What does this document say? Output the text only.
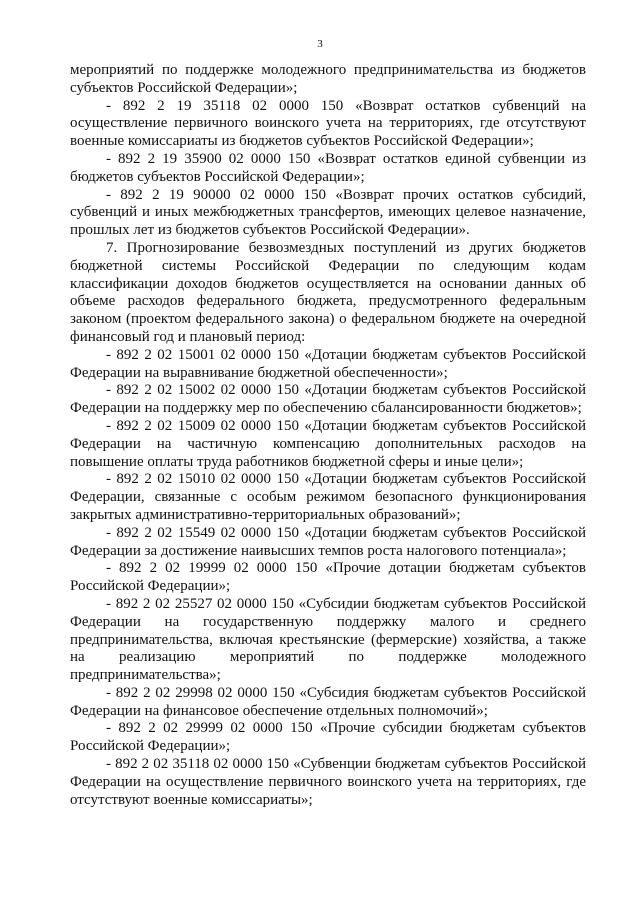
3

мероприятий по поддержке молодежного предпринимательства из бюджетов субъектов Российской Федерации»;

- 892 2 19 35118 02 0000 150 «Возврат остатков субвенций на осуществление первичного воинского учета на территориях, где отсутствуют военные комиссариаты из бюджетов субъектов Российской Федерации»;

- 892 2 19 35900 02 0000 150 «Возврат остатков единой субвенции из бюджетов субъектов Российской Федерации»;

- 892 2 19 90000 02 0000 150 «Возврат прочих остатков субсидий, субвенций и иных межбюджетных трансфертов, имеющих целевое назначение, прошлых лет из бюджетов субъектов Российской Федерации».

7. Прогнозирование безвозмездных поступлений из других бюджетов бюджетной системы Российской Федерации по следующим кодам классификации доходов бюджетов осуществляется на основании данных об объеме расходов федерального бюджета, предусмотренного федеральным законом (проектом федерального закона) о федеральном бюджете на очередной финансовый год и плановый период:

- 892 2 02 15001 02 0000 150 «Дотации бюджетам субъектов Российской Федерации на выравнивание бюджетной обеспеченности»;

- 892 2 02 15002 02 0000 150 «Дотации бюджетам субъектов Российской Федерации на поддержку мер по обеспечению сбалансированности бюджетов»;

- 892 2 02 15009 02 0000 150 «Дотации бюджетам субъектов Российской Федерации на частичную компенсацию дополнительных расходов на повышение оплаты труда работников бюджетной сферы и иные цели»;

- 892 2 02 15010 02 0000 150 «Дотации бюджетам субъектов Российской Федерации, связанные с особым режимом безопасного функционирования закрытых административно-территориальных образований»;

- 892 2 02 15549 02 0000 150 «Дотации бюджетам субъектов Российской Федерации за достижение наивысших темпов роста налогового потенциала»;

- 892 2 02 19999 02 0000 150 «Прочие дотации бюджетам субъектов Российской Федерации»;

- 892 2 02 25527 02 0000 150 «Субсидии бюджетам субъектов Российской Федерации на государственную поддержку малого и среднего предпринимательства, включая крестьянские (фермерские) хозяйства, а также на реализацию мероприятий по поддержке молодежного предпринимательства»;

- 892 2 02 29998 02 0000 150 «Субсидия бюджетам субъектов Российской Федерации на финансовое обеспечение отдельных полномочий»;

- 892 2 02 29999 02 0000 150 «Прочие субсидии бюджетам субъектов Российской Федерации»;

- 892 2 02 35118 02 0000 150 «Субвенции бюджетам субъектов Российской Федерации на осуществление первичного воинского учета на территориях, где отсутствуют военные комиссариаты»;
